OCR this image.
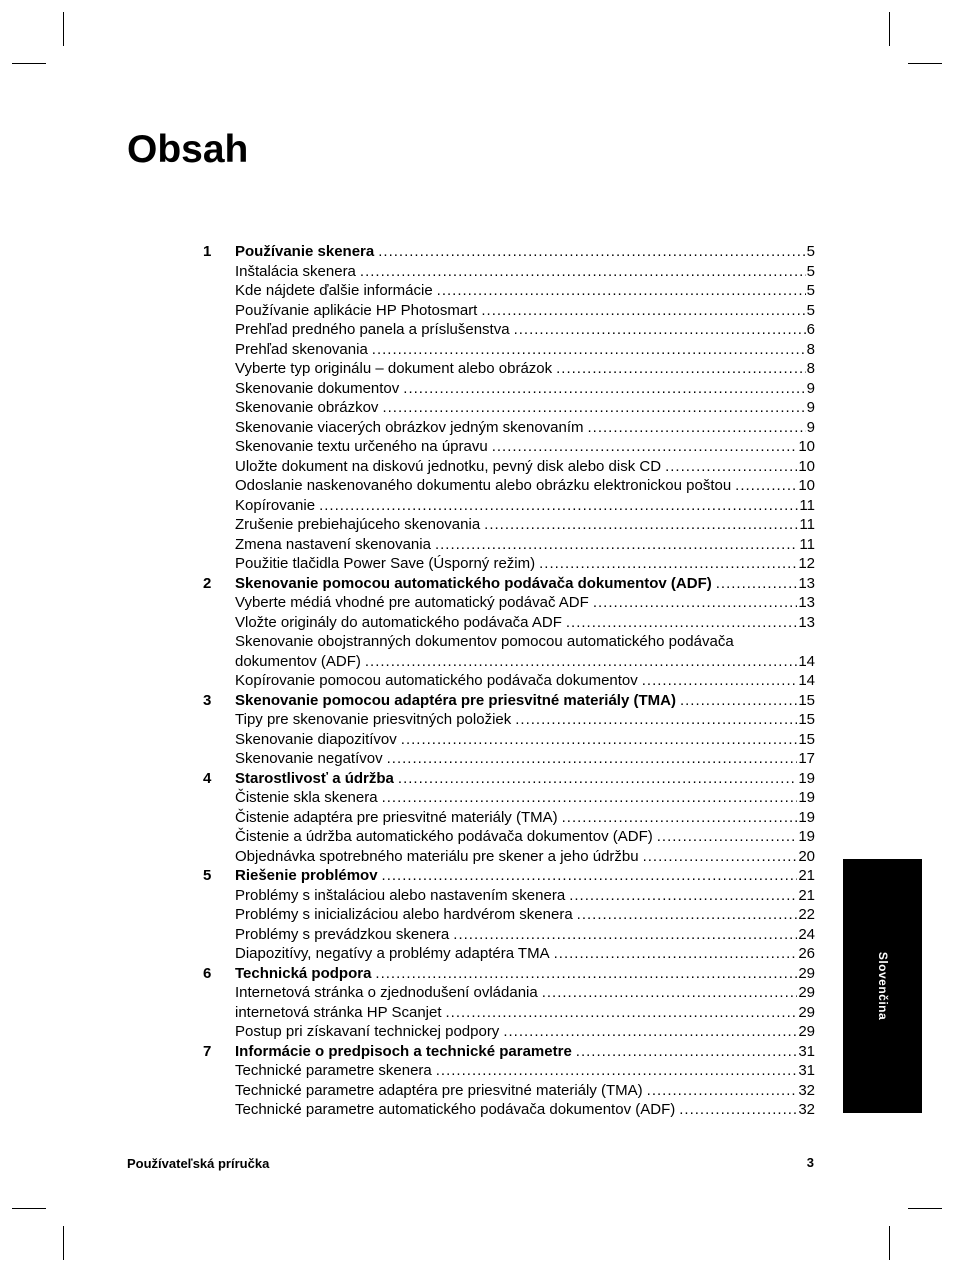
Obsah
1	Používanie skenera .....	5
Inštalácia skenera .....	5
Kde nájdete ďalšie informácie .....	5
Používanie aplikácie HP Photosmart .....	5
Prehľad predného panela a príslušenstva .....	6
Prehľad skenovania .....	8
Vyberte typ originálu – dokument alebo obrázok .....	8
Skenovanie dokumentov .....	9
Skenovanie obrázkov .....	9
Skenovanie viacerých obrázkov jedným skenovaním .....	9
Skenovanie textu určeného na úpravu .....	10
Uložte dokument na diskovú jednotku, pevný disk alebo disk CD .....	10
Odoslanie naskenovaného dokumentu alebo obrázku elektronickou poštou .....	10
Kopírovanie .....	11
Zrušenie prebiehajúceho skenovania .....	11
Zmena nastavení skenovania .....	11
Použitie tlačidla Power Save (Úsporný režim) .....	12
2	Skenovanie pomocou automatického podávača dokumentov (ADF) .....	13
Vyberte médiá vhodné pre automatický podávač ADF .....	13
Vložte originály do automatického podávača ADF .....	13
Skenovanie obojstranných dokumentov pomocou automatického podávača
dokumentov (ADF) .....	14
Kopírovanie pomocou automatického podávača dokumentov .....	14
3	Skenovanie pomocou adaptéra pre priesvitné materiály (TMA) .....	15
Tipy pre skenovanie priesvitných položiek .....	15
Skenovanie diapozitívov .....	15
Skenovanie negatívov .....	17
4	Starostlivosť a údržba .....	19
Čistenie skla skenera .....	19
Čistenie adaptéra pre priesvitné materiály (TMA) .....	19
Čistenie a údržba automatického podávača dokumentov (ADF) .....	19
Objednávka spotrebného materiálu pre skener a jeho údržbu .....	20
5	Riešenie problémov .....	21
Problémy s inštaláciou alebo nastavením skenera .....	21
Problémy s inicializáciou alebo hardvérom skenera .....	22
Problémy s prevádzkou skenera .....	24
Diapozitívy, negatívy a problémy adaptéra TMA .....	26
6	Technická podpora .....	29
Internetová stránka o zjednodušení ovládania .....	29
internetová stránka HP Scanjet .....	29
Postup pri získavaní technickej podpory .....	29
7	Informácie o predpisoch a technické parametre .....	31
Technické parametre skenera .....	31
Technické parametre adaptéra pre priesvitné materiály (TMA) .....	32
Technické parametre automatického podávača dokumentov (ADF) .....	32
Slovenčina
Používateľská príručka	3
